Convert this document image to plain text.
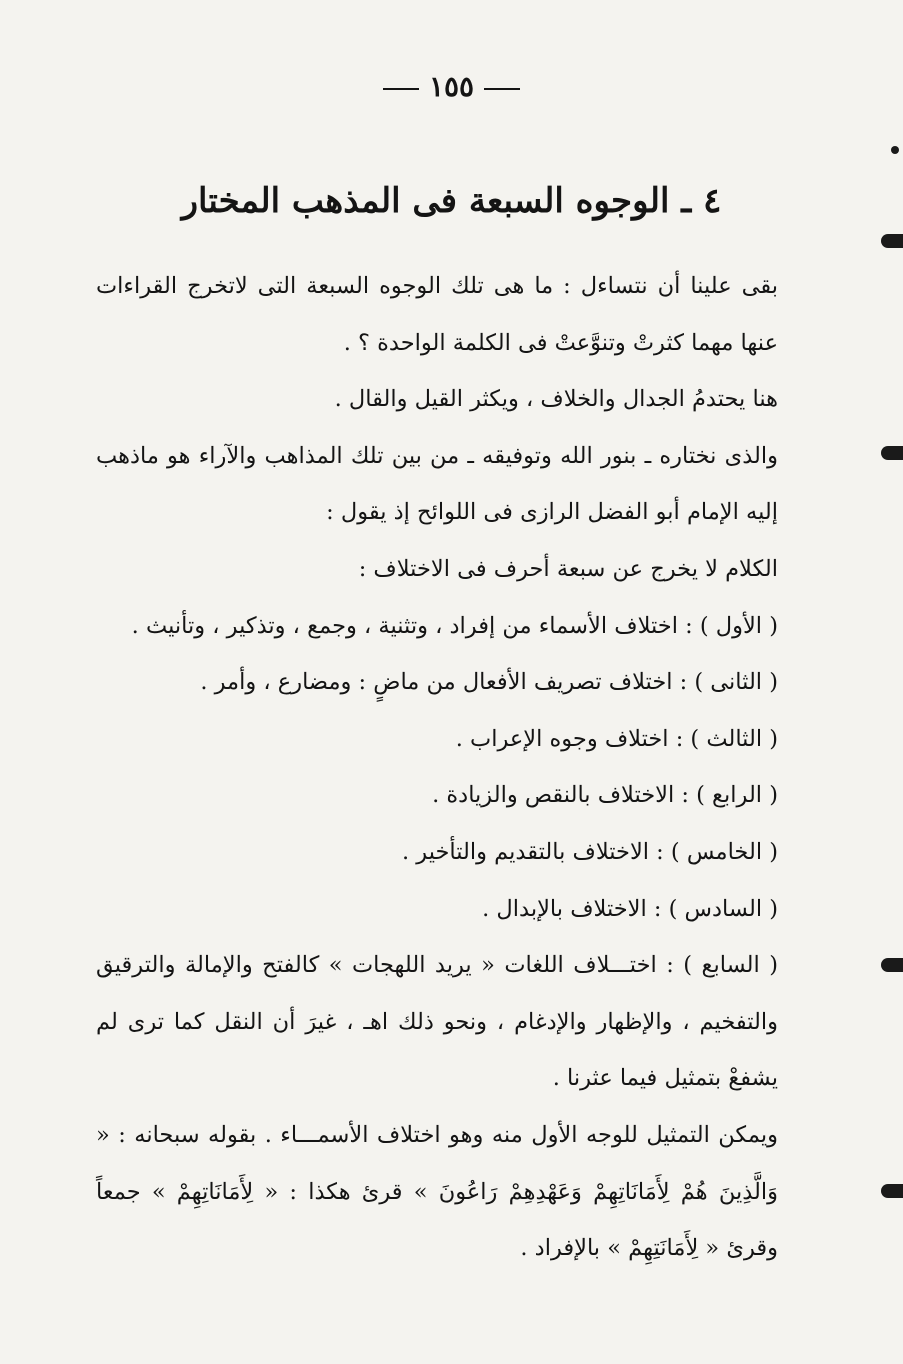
١٥٥
٤ ـ الوجوه السبعة فى المذهب المختار

بقى علينا أن نتساءل : ما هى تلك الوجوه السبعة التى لاتخرج القراءات عنها مهما كثرتْ وتنوَّعتْ فى الكلمة الواحدة ؟ .

هنا يحتدمُ الجدال والخلاف ، ويكثر القيل والقال .

والذى نختاره ـ بنور الله وتوفيقه ـ من بين تلك المذاهب والآراء هو ماذهب إليه الإمام أبو الفضل الرازى فى اللوائح إذ يقول :

الكلام لا يخرج عن سبعة أحرف فى الاختلاف :

( الأول ) : اختلاف الأسماء من إفراد ، وتثنية ، وجمع ، وتذكير ، وتأنيث .

( الثانى ) : اختلاف تصريف الأفعال من ماضٍ : ومضارع ، وأمر .

( الثالث ) : اختلاف وجوه الإعراب .

( الرابع ) : الاختلاف بالنقص والزيادة .

( الخامس ) : الاختلاف بالتقديم والتأخير .

( السادس ) : الاختلاف بالإبدال .

( السابع ) : اختـــلاف اللغات « يريد اللهجات » كالفتح والإمالة والترقيق والتفخيم ، والإظهار والإدغام ، ونحو ذلك اهـ ، غيرَ أن النقل كما ترى لم يشفعْ بتمثيل فيما عثرنا .

ويمكن التمثيل للوجه الأول منه وهو اختلاف الأسمـــاء . بقوله سبحانه : « وَالَّذِينَ هُمْ لِأَمَانَاتِهِمْ وَعَهْدِهِمْ رَاعُونَ » قرئ هكذا : « لِأَمَانَاتِهِمْ » جمعاً وقرئ « لِأَمَانَتِهِمْ » بالإفراد .
